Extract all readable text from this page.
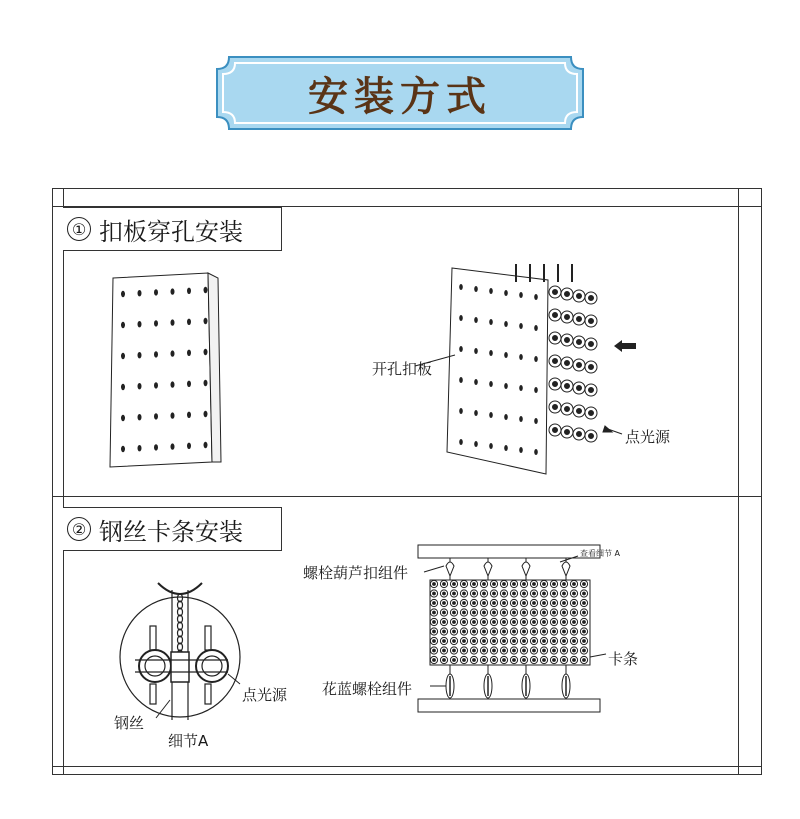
安装方式
① 扣板穿孔安装
② 钢丝卡条安装
开孔扣板
点光源
螺栓葫芦扣组件
查看细节 A
卡条
花蓝螺栓组件
点光源
钢丝
细节A
